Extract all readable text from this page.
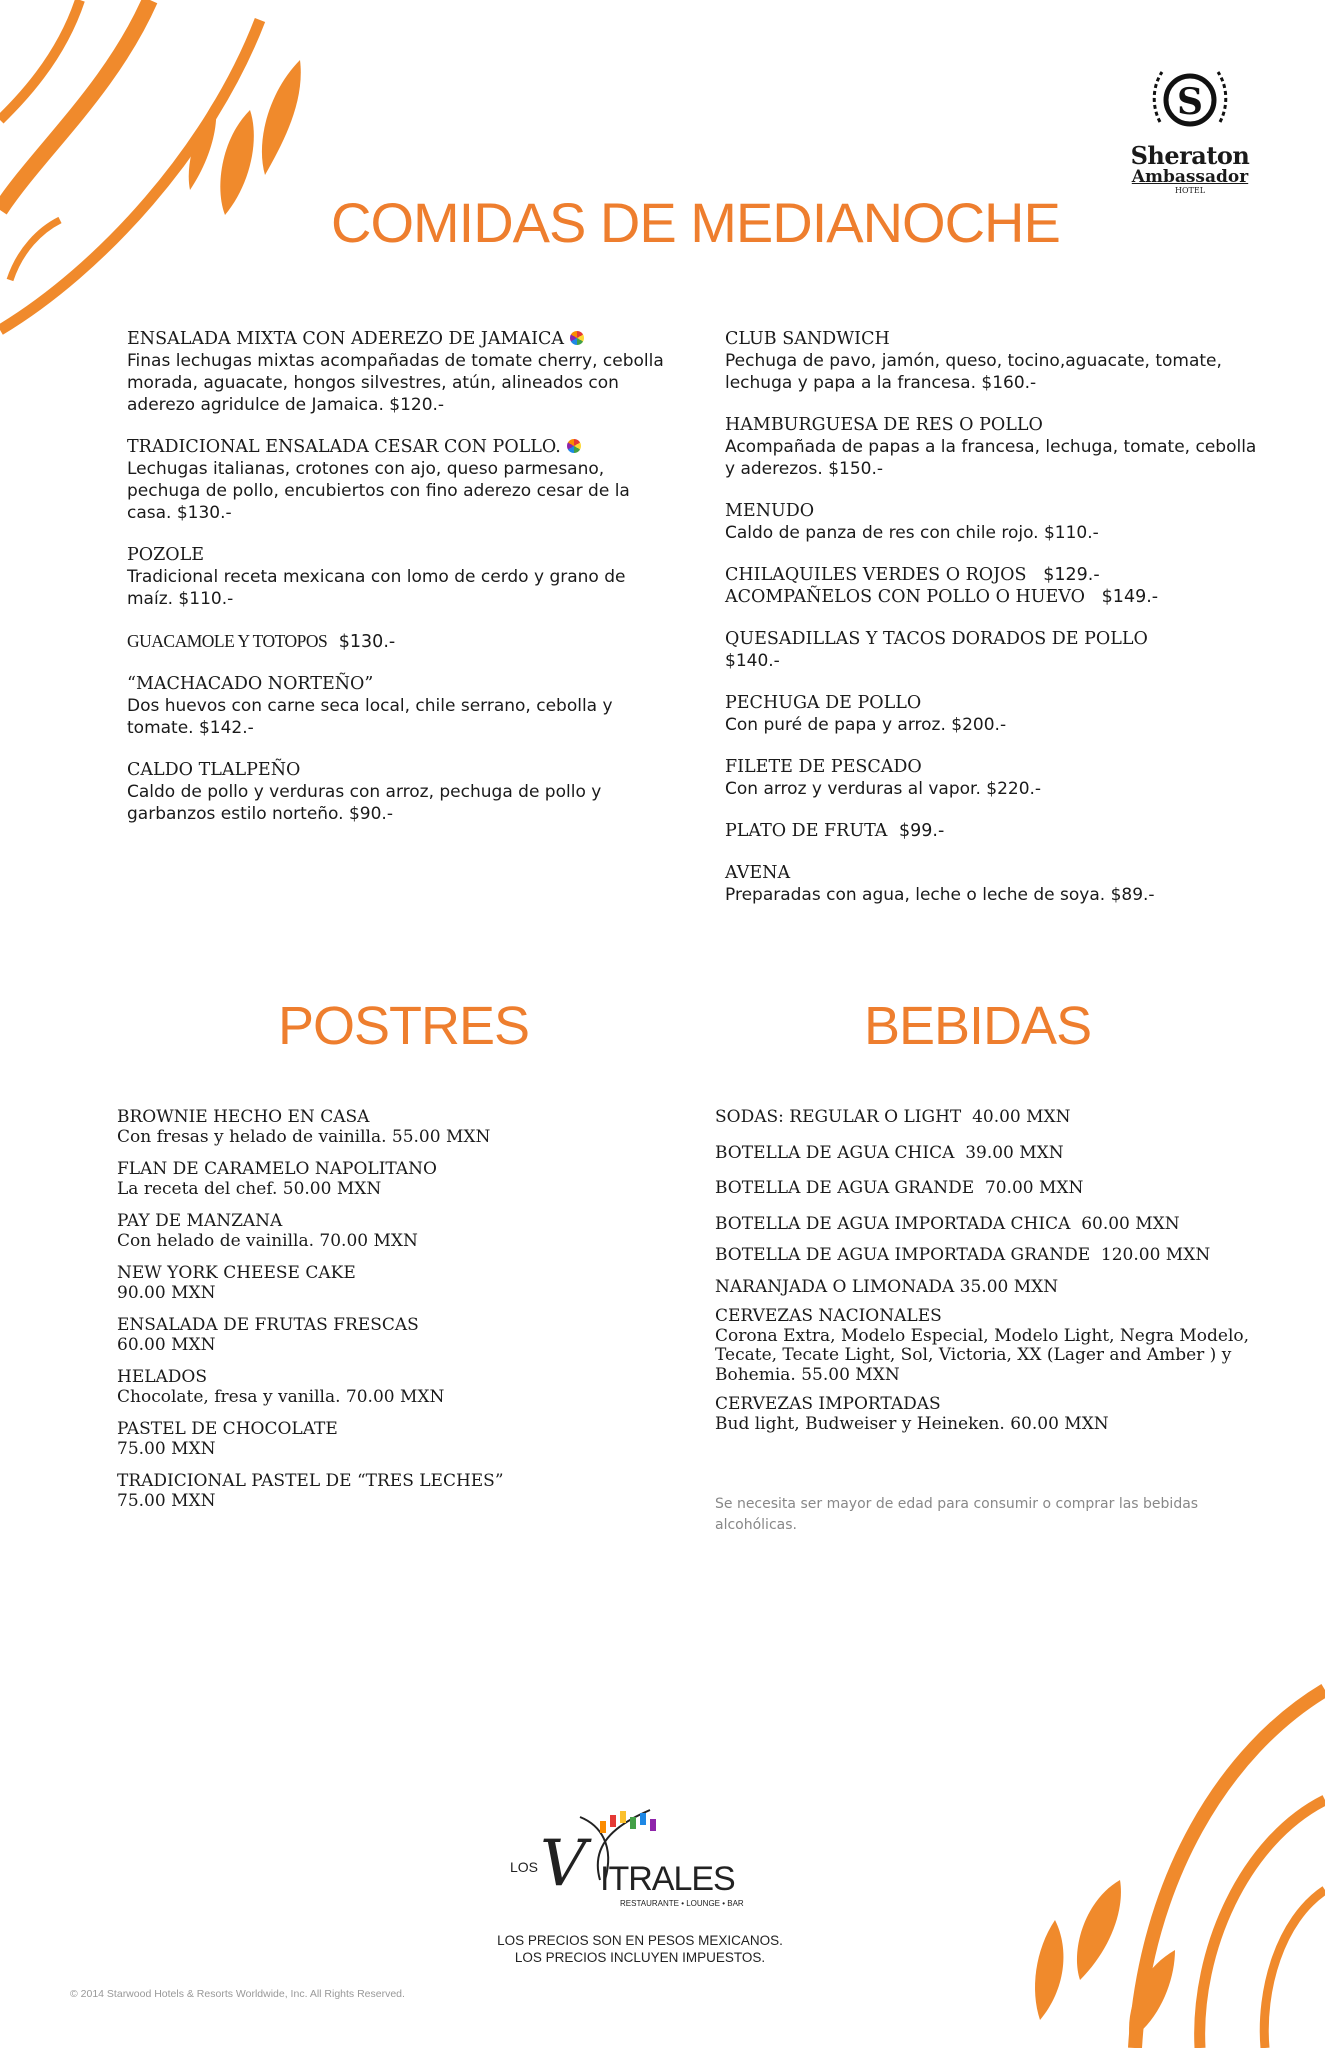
S
Sheraton
Ambassador
HOTEL
COMIDAS DE MEDIANOCHE
ENSALADA MIXTA CON ADEREZO DE JAMAICA
Finas lechugas mixtas acompañadas de tomate cherry, cebolla morada, aguacate, hongos silvestres, atún, alineados con aderezo agridulce de Jamaica. $120.-
TRADICIONAL ENSALADA CESAR CON POLLO.
Lechugas italianas, crotones con ajo, queso parmesano, pechuga de pollo, encubiertos con fino aderezo cesar de la casa. $130.-
POZOLE
Tradicional receta mexicana con lomo de cerdo y grano de maíz. $110.-
GUACAMOLE Y TOTOPOS $130.-
“MACHACADO NORTEÑO”
Dos huevos con carne seca local, chile serrano, cebolla y tomate. $142.-
CALDO TLALPEÑO
Caldo de pollo y verduras con arroz, pechuga de pollo y garbanzos estilo norteño. $90.-
CLUB SANDWICH
Pechuga de pavo, jamón, queso, tocino,aguacate, tomate, lechuga y papa a la francesa. $160.-
HAMBURGUESA DE RES O POLLO
Acompañada de papas a la francesa, lechuga, tomate, cebolla y aderezos. $150.-
MENUDO
Caldo de panza de res con chile rojo. $110.-
CHILAQUILES VERDES O ROJOS $129.-
ACOMPAÑELOS CON POLLO O HUEVO $149.-
QUESADILLAS Y TACOS DORADOS DE POLLO
$140.-
PECHUGA DE POLLO
Con puré de papa y arroz. $200.-
FILETE DE PESCADO
Con arroz y verduras al vapor. $220.-
PLATO DE FRUTA $99.-
AVENA
Preparadas con agua, leche o leche de soya. $89.-
POSTRES	BEBIDAS
BROWNIE HECHO EN CASA
Con fresas y helado de vainilla. 55.00 MXN
FLAN DE CARAMELO NAPOLITANO
La receta del chef. 50.00 MXN
PAY DE MANZANA
Con helado de vainilla. 70.00 MXN
NEW YORK CHEESE CAKE
90.00 MXN
ENSALADA DE FRUTAS FRESCAS
60.00 MXN
HELADOS
Chocolate, fresa y vanilla. 70.00 MXN
PASTEL DE CHOCOLATE
75.00 MXN
TRADICIONAL PASTEL DE “TRES LECHES”
75.00 MXN
SODAS: REGULAR O LIGHT 40.00 MXN
BOTELLA DE AGUA CHICA 39.00 MXN
BOTELLA DE AGUA GRANDE 70.00 MXN
BOTELLA DE AGUA IMPORTADA CHICA 60.00 MXN
BOTELLA DE AGUA IMPORTADA GRANDE 120.00 MXN
NARANJADA O LIMONADA 35.00 MXN
CERVEZAS NACIONALES
Corona Extra, Modelo Especial, Modelo Light, Negra Modelo, Tecate, Tecate Light, Sol, Victoria, XX (Lager and Amber ) y Bohemia. 55.00 MXN
CERVEZAS IMPORTADAS
Bud light, Budweiser y Heineken. 60.00 MXN
Se necesita ser mayor de edad para consumir o comprar las bebidas alcohólicas.
LOS V ITRALES
RESTAURANTE • LOUNGE • BAR
LOS PRECIOS SON EN PESOS MEXICANOS.
LOS PRECIOS INCLUYEN IMPUESTOS.
© 2014 Starwood Hotels & Resorts Worldwide, Inc. All Rights Reserved.
